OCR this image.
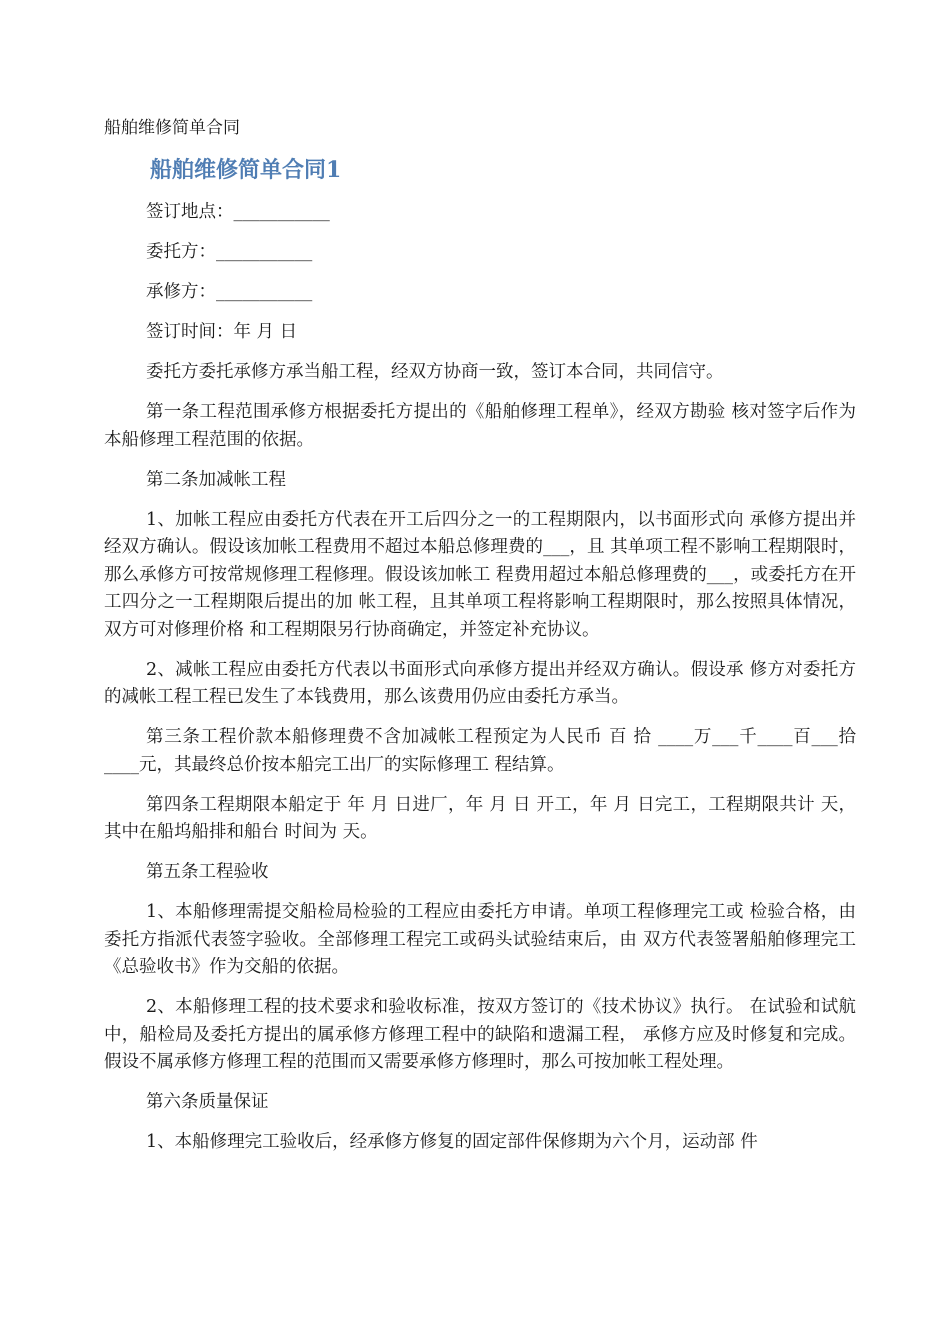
船舶维修简单合同
船舶维修简单合同1

签订地点：___________

委托方：___________

承修方：___________

签订时间：年 月 日

委托方委托承修方承当船工程，经双方协商一致，签订本合同，共同信守。

第一条工程范围承修方根据委托方提出的《船舶修理工程单》，经双方勘验 核对签字后作为本船修理工程范围的依据。

第二条加减帐工程

1、加帐工程应由委托方代表在开工后四分之一的工程期限内，以书面形式向 承修方提出并经双方确认。假设该加帐工程费用不超过本船总修理费的___，且 其单项工程不影响工程期限时，那么承修方可按常规修理工程修理。假设该加帐工 程费用超过本船总修理费的___，或委托方在开工四分之一工程期限后提出的加 帐工程，且其单项工程将影响工程期限时，那么按照具体情况，双方可对修理价格 和工程期限另行协商确定，并签定补充协议。

2、减帐工程应由委托方代表以书面形式向承修方提出并经双方确认。假设承 修方对委托方的减帐工程工程已发生了本钱费用，那么该费用仍应由委托方承当。

第三条工程价款本船修理费不含加减帐工程预定为人民币 百 拾 ____万___千____百___拾____元，其最终总价按本船完工出厂的实际修理工 程结算。

第四条工程期限本船定于 年 月 日进厂，年 月 日 开工，年 月 日完工，工程期限共计 天，其中在船坞船排和船台 时间为 天。

第五条工程验收

1、本船修理需提交船检局检验的工程应由委托方申请。单项工程修理完工或 检验合格，由委托方指派代表签字验收。全部修理工程完工或码头试验结束后，由 双方代表签署船舶修理完工《总验收书》作为交船的依据。

2、本船修理工程的技术要求和验收标准，按双方签订的《技术协议》执行。 在试验和试航中，船检局及委托方提出的属承修方修理工程中的缺陷和遗漏工程， 承修方应及时修复和完成。假设不属承修方修理工程的范围而又需要承修方修理时，那么可按加帐工程处理。

第六条质量保证

1、本船修理完工验收后，经承修方修复的固定部件保修期为六个月，运动部 件
